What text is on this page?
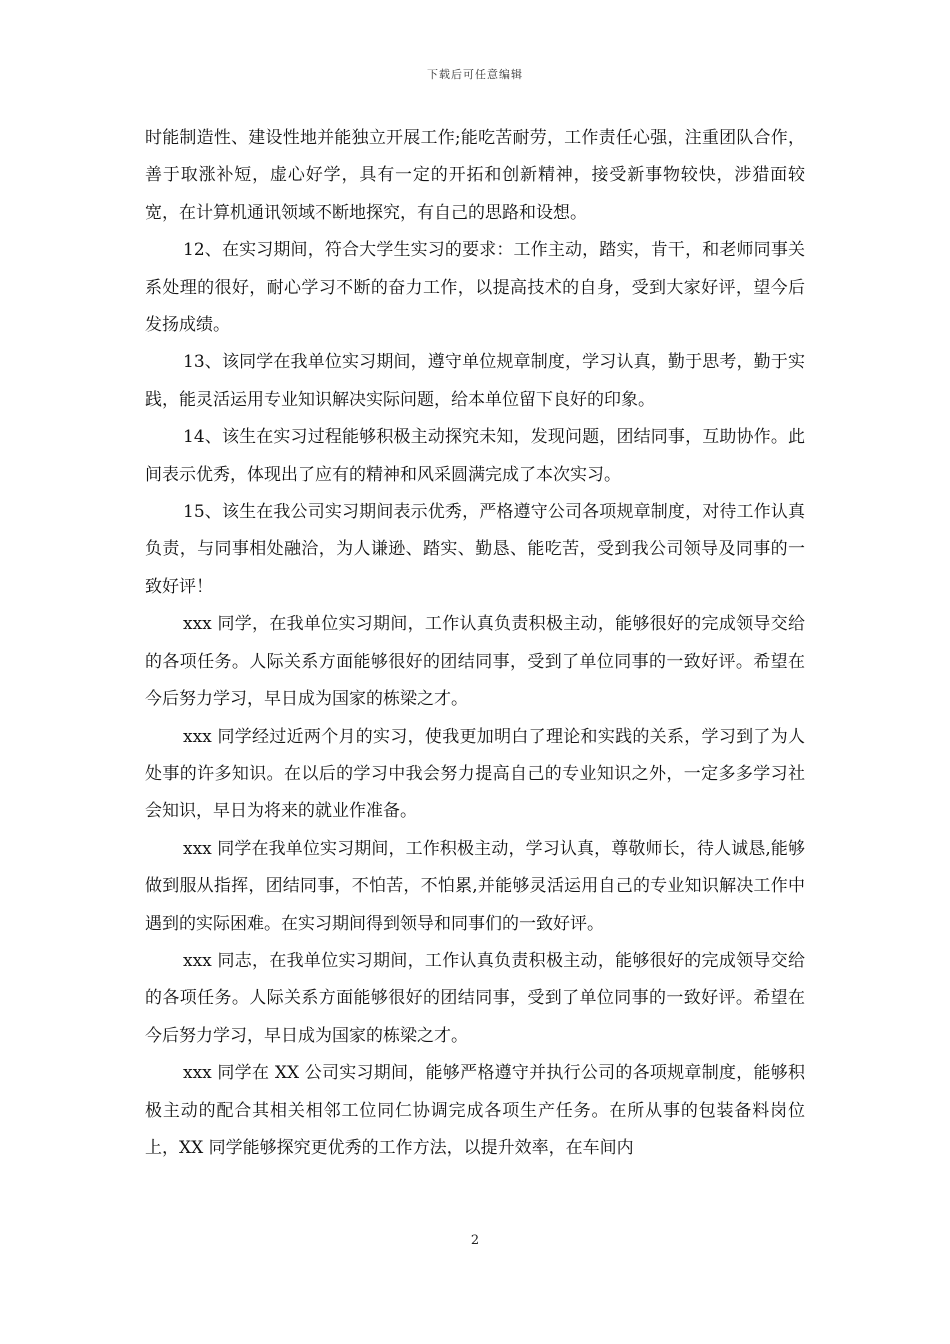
下载后可任意编辑

时能制造性、建设性地并能独立开展工作;能吃苦耐劳，工作责任心强，注重团队合作，善于取涨补短，虚心好学，具有一定的开拓和创新精神，接受新事物较快，涉猎面较宽，在计算机通讯领域不断地探究，有自己的思路和设想。

12、在实习期间，符合大学生实习的要求：工作主动，踏实，肯干，和老师同事关系处理的很好，耐心学习不断的奋力工作，以提高技术的自身，受到大家好评，望今后发扬成绩。

13、该同学在我单位实习期间，遵守单位规章制度，学习认真，勤于思考，勤于实践，能灵活运用专业知识解决实际问题，给本单位留下良好的印象。

14、该生在实习过程能够积极主动探究未知，发现问题，团结同事，互助协作。此间表示优秀，体现出了应有的精神和风采圆满完成了本次实习。

15、该生在我公司实习期间表示优秀，严格遵守公司各项规章制度，对待工作认真负责，与同事相处融洽，为人谦逊、踏实、勤恳、能吃苦，受到我公司领导及同事的一致好评！

xxx 同学，在我单位实习期间，工作认真负责积极主动，能够很好的完成领导交给的各项任务。人际关系方面能够很好的团结同事，受到了单位同事的一致好评。希望在今后努力学习，早日成为国家的栋梁之才。

xxx 同学经过近两个月的实习，使我更加明白了理论和实践的关系，学习到了为人处事的许多知识。在以后的学习中我会努力提高自己的专业知识之外，一定多多学习社会知识，早日为将来的就业作准备。

xxx 同学在我单位实习期间，工作积极主动，学习认真，尊敬师长，待人诚恳,能够做到服从指挥，团结同事，不怕苦，不怕累,并能够灵活运用自己的专业知识解决工作中遇到的实际困难。在实习期间得到领导和同事们的一致好评。

xxx 同志，在我单位实习期间，工作认真负责积极主动，能够很好的完成领导交给的各项任务。人际关系方面能够很好的团结同事，受到了单位同事的一致好评。希望在今后努力学习，早日成为国家的栋梁之才。

xxx 同学在 XX 公司实习期间，能够严格遵守并执行公司的各项规章制度，能够积极主动的配合其相关相邻工位同仁协调完成各项生产任务。在所从事的包装备料岗位上，XX 同学能够探究更优秀的工作方法，以提升效率，在车间内

2
